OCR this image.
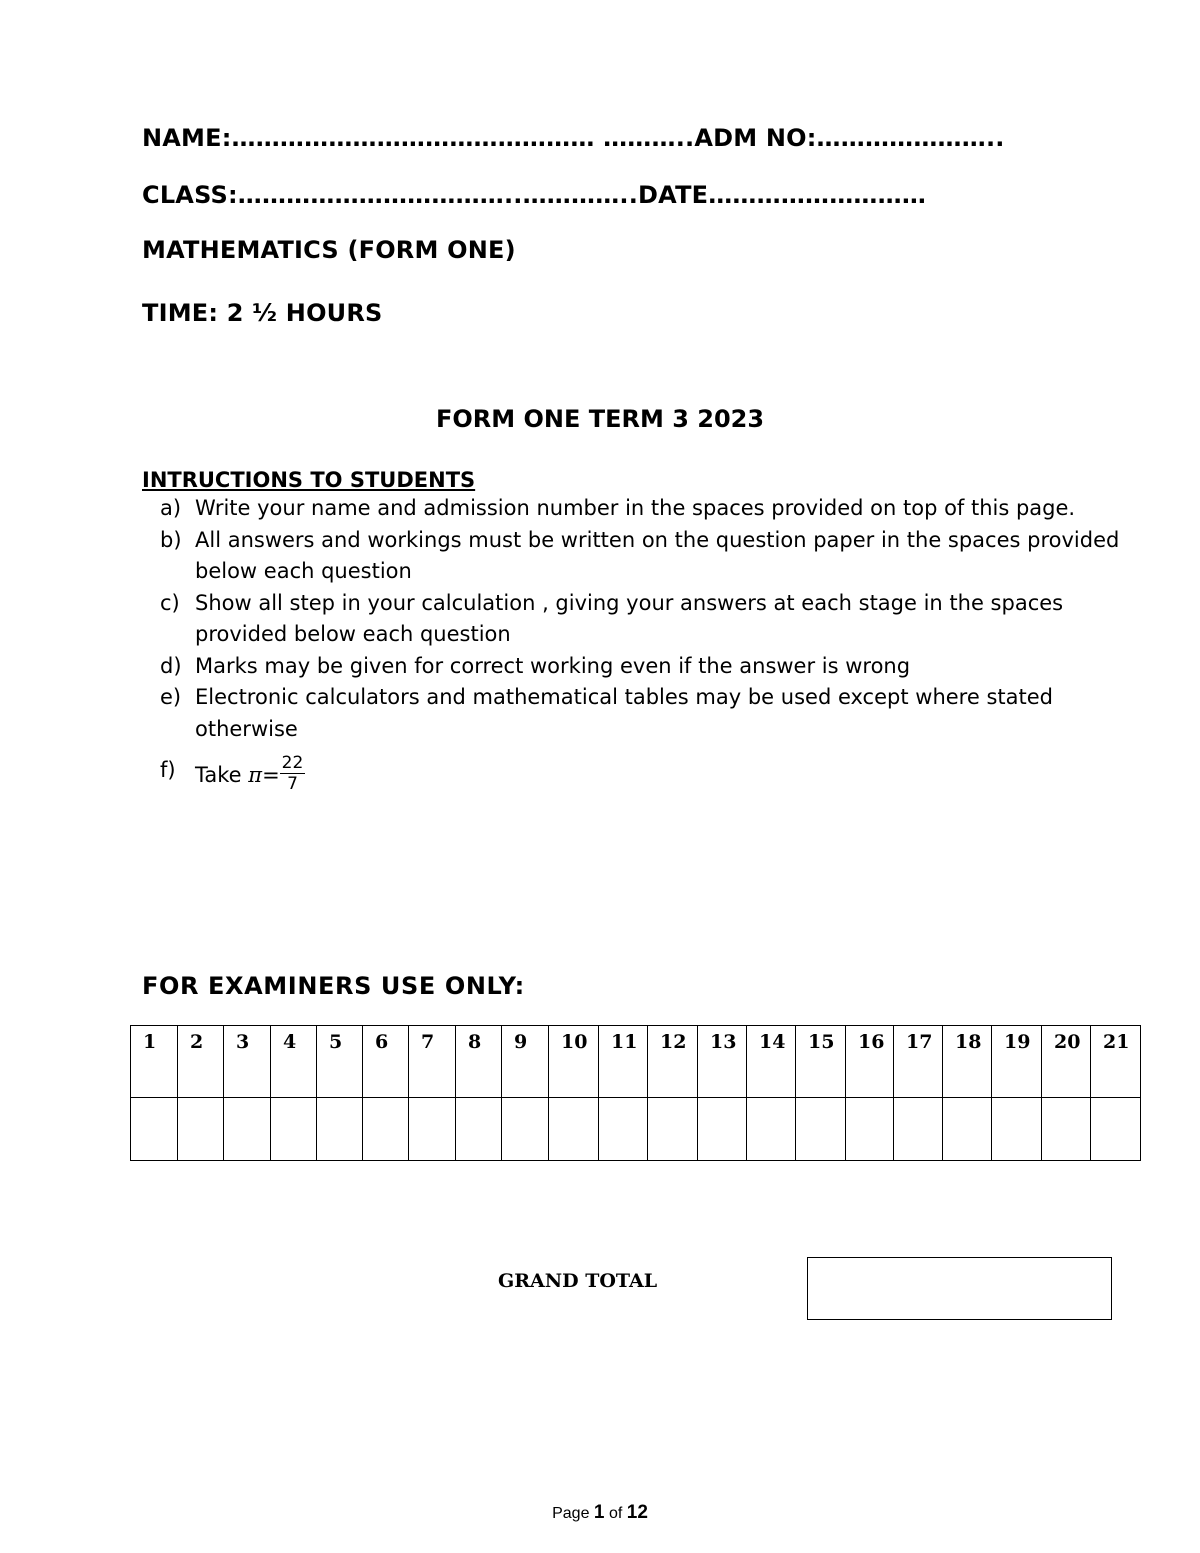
NAME:……………………………………… ………..ADM NO:…………………..
CLASS:……………………………..…………..DATE………………………
MATHEMATICS (FORM ONE)
TIME: 2 ½ HOURS
FORM ONE TERM 3 2023
INTRUCTIONS TO STUDENTS
a) Write your name and admission number in the spaces provided on top of this page.
b) All answers and workings must be written on the question paper in the spaces provided below each question
c) Show all step in your calculation , giving your answers at each stage in the spaces provided below each question
d) Marks may be given for correct working even if the answer is wrong
e) Electronic calculators and mathematical tables may be used except where stated otherwise
f) Take $\pi= \frac{22}{7}$
FOR EXAMINERS USE ONLY:
1	2	3	4	5	6	7	8	9	10	11	12	13	14	15	16	17	18	19	20	21

GRAND TOTAL
Page 1 of 12
